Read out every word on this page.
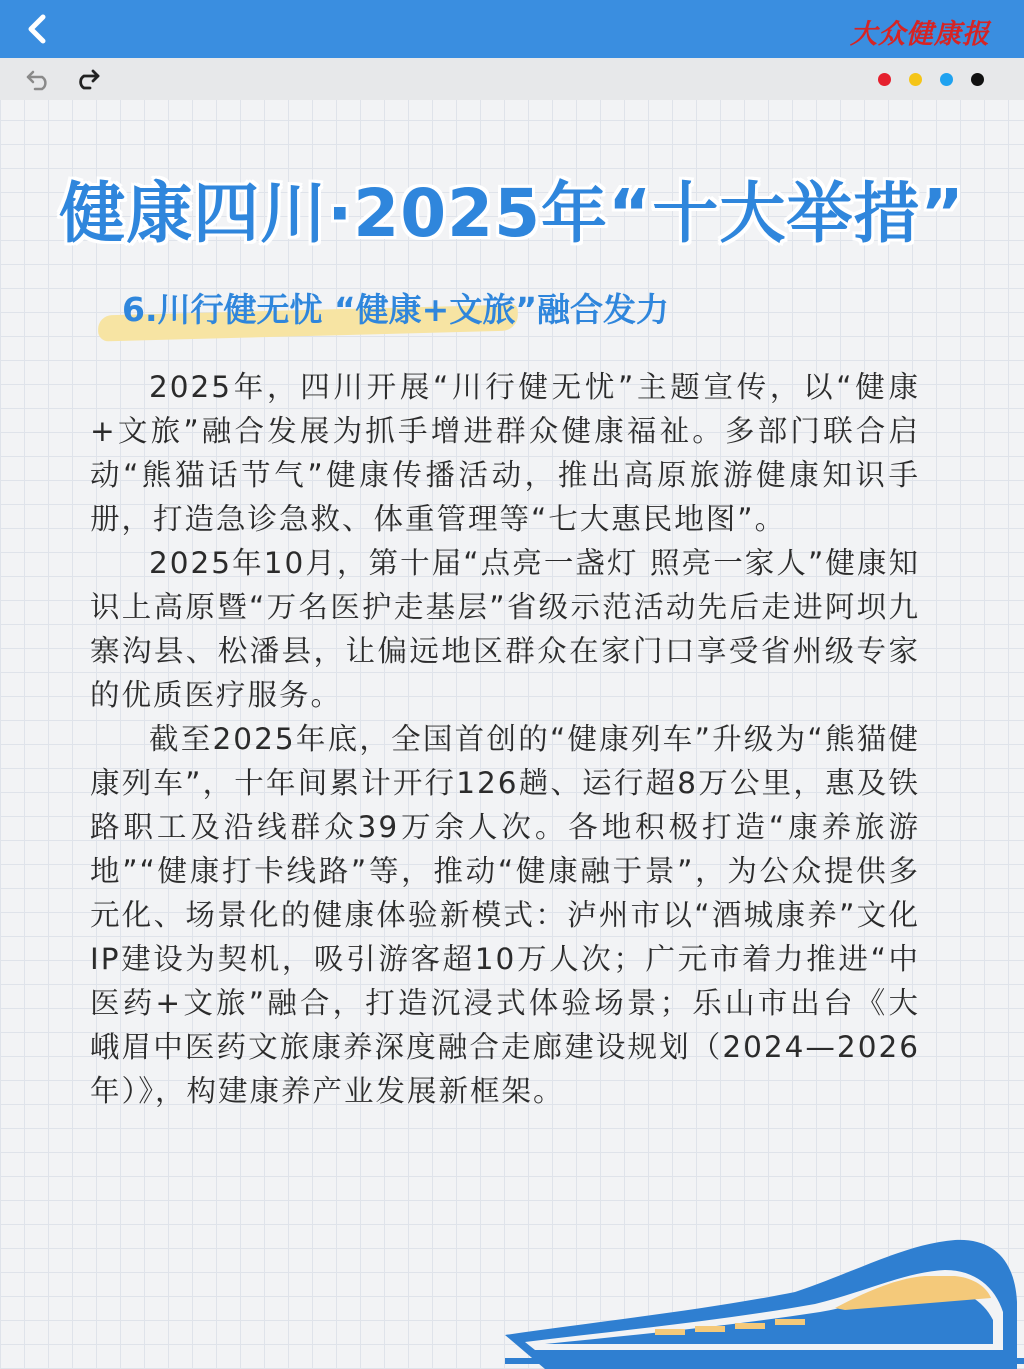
大众健康报
健康四川·2025年“十大举措”
6.川行健无忧 “健康+文旅”融合发力

2025年，四川开展“川行健无忧”主题宣传，以“健康+文旅”融合发展为抓手增进群众健康福祉。多部门联合启动“熊猫话节气”健康传播活动，推出高原旅游健康知识手册，打造急诊急救、体重管理等“七大惠民地图”。

2025年10月，第十届“点亮一盏灯 照亮一家人”健康知识上高原暨“万名医护走基层”省级示范活动先后走进阿坝九寨沟县、松潘县，让偏远地区群众在家门口享受省州级专家的优质医疗服务。

截至2025年底，全国首创的“健康列车”升级为“熊猫健康列车”，十年间累计开行126趟、运行超8万公里，惠及铁路职工及沿线群众39万余人次。各地积极打造“康养旅游地”“健康打卡线路”等，推动“健康融于景”，为公众提供多元化、场景化的健康体验新模式：泸州市以“酒城康养”文化IP建设为契机，吸引游客超10万人次；广元市着力推进“中医药+文旅”融合，打造沉浸式体验场景；乐山市出台《大峨眉中医药文旅康养深度融合走廊建设规划（2024—2026年）》，构建康养产业发展新框架。
